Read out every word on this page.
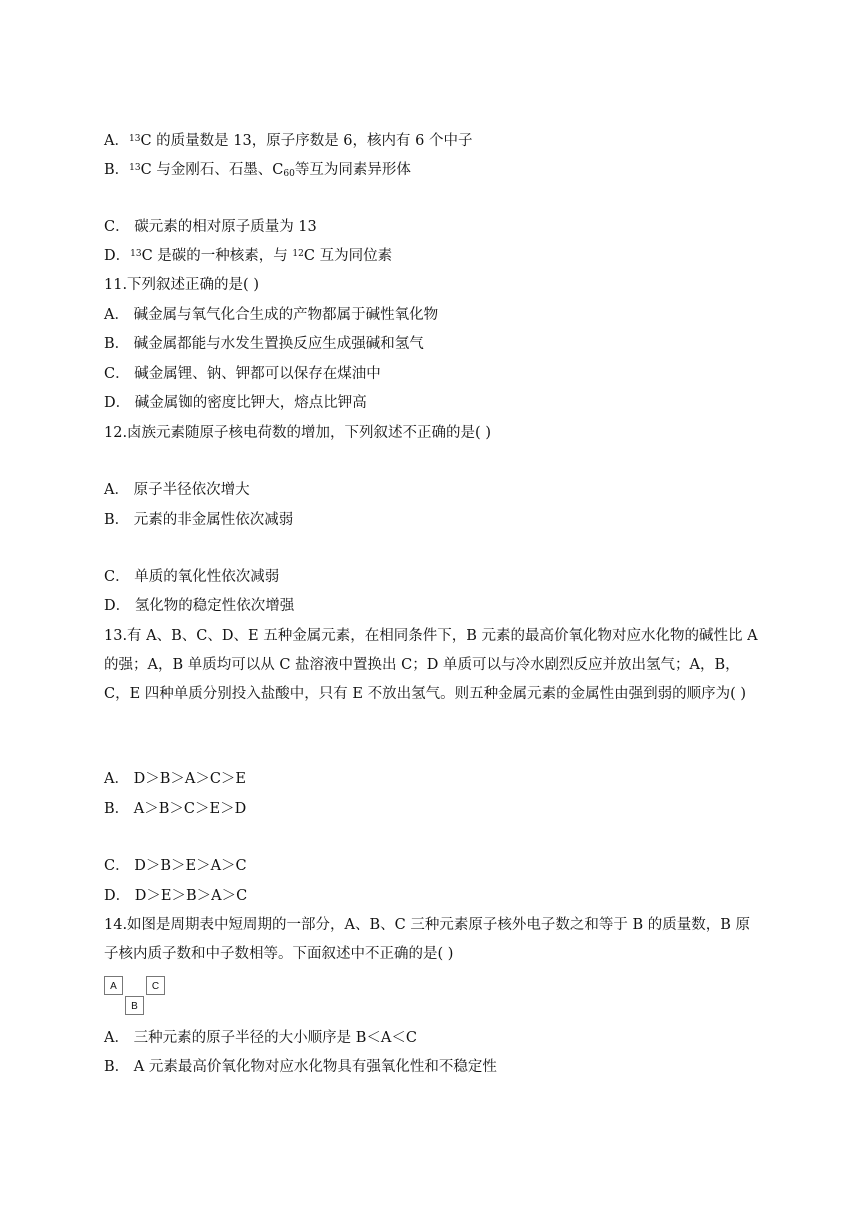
A．$^{13}$C 的质量数是 13，原子序数是 6，核内有 6 个中子
B．$^{13}$C 与金刚石、石墨、$C_{60}$等互为同素异形体
C． 碳元素的相对原子质量为 13
D．$^{13}$C 是碳的一种核素，与 $^{12}$C 互为同位素
11.下列叙述正确的是( )
A． 碱金属与氧气化合生成的产物都属于碱性氧化物
B． 碱金属都能与水发生置换反应生成强碱和氢气
C． 碱金属锂、钠、钾都可以保存在煤油中
D． 碱金属铷的密度比钾大，熔点比钾高
12.卤族元素随原子核电荷数的增加，下列叙述不正确的是( )
A． 原子半径依次增大
B． 元素的非金属性依次减弱
C． 单质的氧化性依次减弱
D． 氢化物的稳定性依次增强
13.有 A、B、C、D、E 五种金属元素，在相同条件下，B 元素的最高价氧化物对应水化物的碱性比 A 的强；A，B 单质均可以从 C 盐溶液中置换出 C；D 单质可以与冷水剧烈反应并放出氢气；A，B，C，E 四种单质分别投入盐酸中，只有 E 不放出氢气。则五种金属元素的金属性由强到弱的顺序为( )
A． D＞B＞A＞C＞E
B． A＞B＞C＞E＞D
C． D＞B＞E＞A＞C
D． D＞E＞B＞A＞C
14.如图是周期表中短周期的一部分，A、B、C 三种元素原子核外电子数之和等于 B 的质量数，B 原子核内质子数和中子数相等。下面叙述中不正确的是( )
A	C
B
A． 三种元素的原子半径的大小顺序是 B＜A＜C
B． A 元素最高价氧化物对应水化物具有强氧化性和不稳定性
